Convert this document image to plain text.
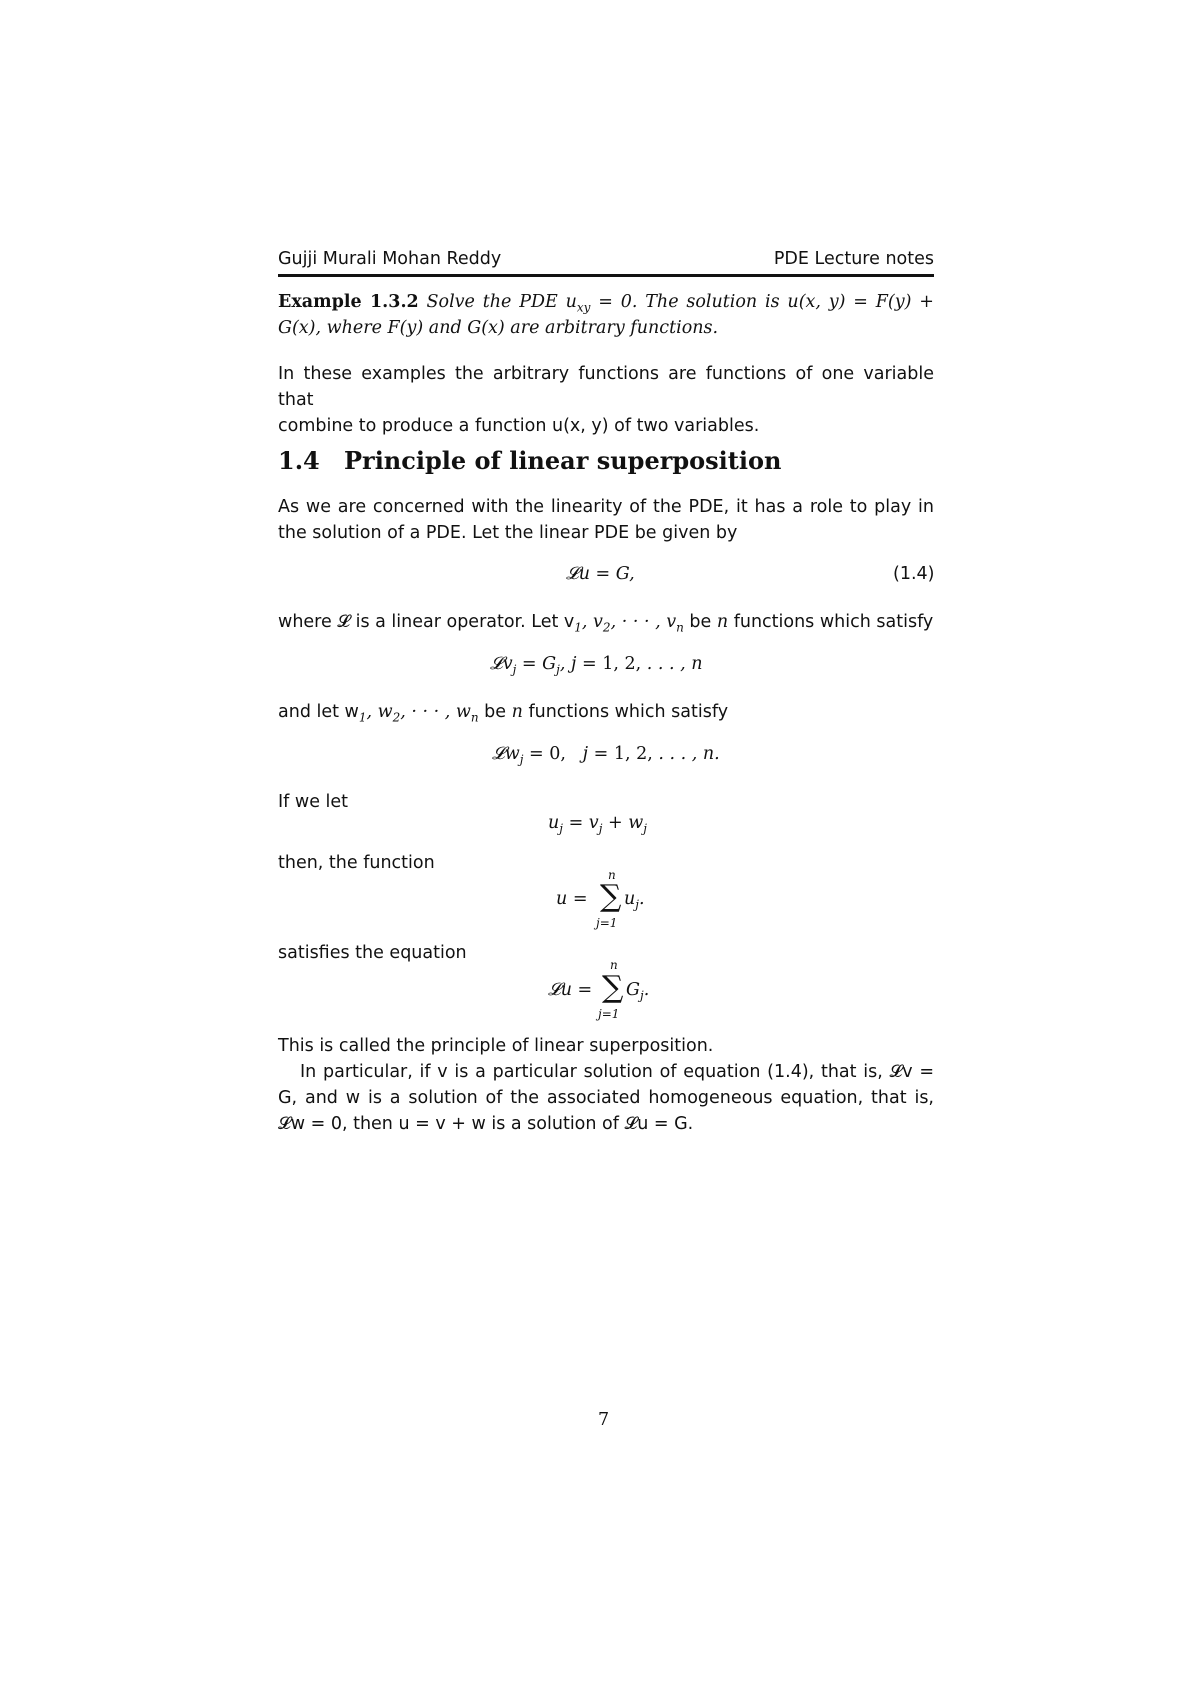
Gujji Murali Mohan Reddy	PDE Lecture notes
Example 1.3.2 Solve the PDE $u_{xy} = 0$. The solution is u(x, y) = F(y) +
G(x), where F(y) and G(x) are arbitrary functions.
In these examples the arbitrary functions are functions of one variable that
combine to produce a function u(x, y) of two variables.
1.4 Principle of linear superposition
As we are concerned with the linearity of the PDE, it has a role to play in
the solution of a PDE. Let the linear PDE be given by
𝓛u = G,	(1.4)
where 𝓛 is a linear operator. Let $v_1$, $v_2$, · · · , $v_n$ be n functions which satisfy
𝓛v$_j$ = $G_j$, j = 1, 2, . . . , n
and let $w_1$, $w_2$, · · · , $w_n$ be n functions which satisfy
𝓛w$_j$ = 0,   j = 1, 2, . . . , n.
If we let
$u_j = v_j + w_j$
then, the function
u =
n
∑
j=1
$u_j$.
satisfies the equation
𝓛u =
n
∑
j=1
$G_j$.
This is called the principle of linear superposition.
In particular, if v is a particular solution of equation (1.4), that is, 𝓛v =
G, and w is a solution of the associated homogeneous equation, that is,
𝓛w = 0, then u = v + w is a solution of 𝓛u = G.
7
